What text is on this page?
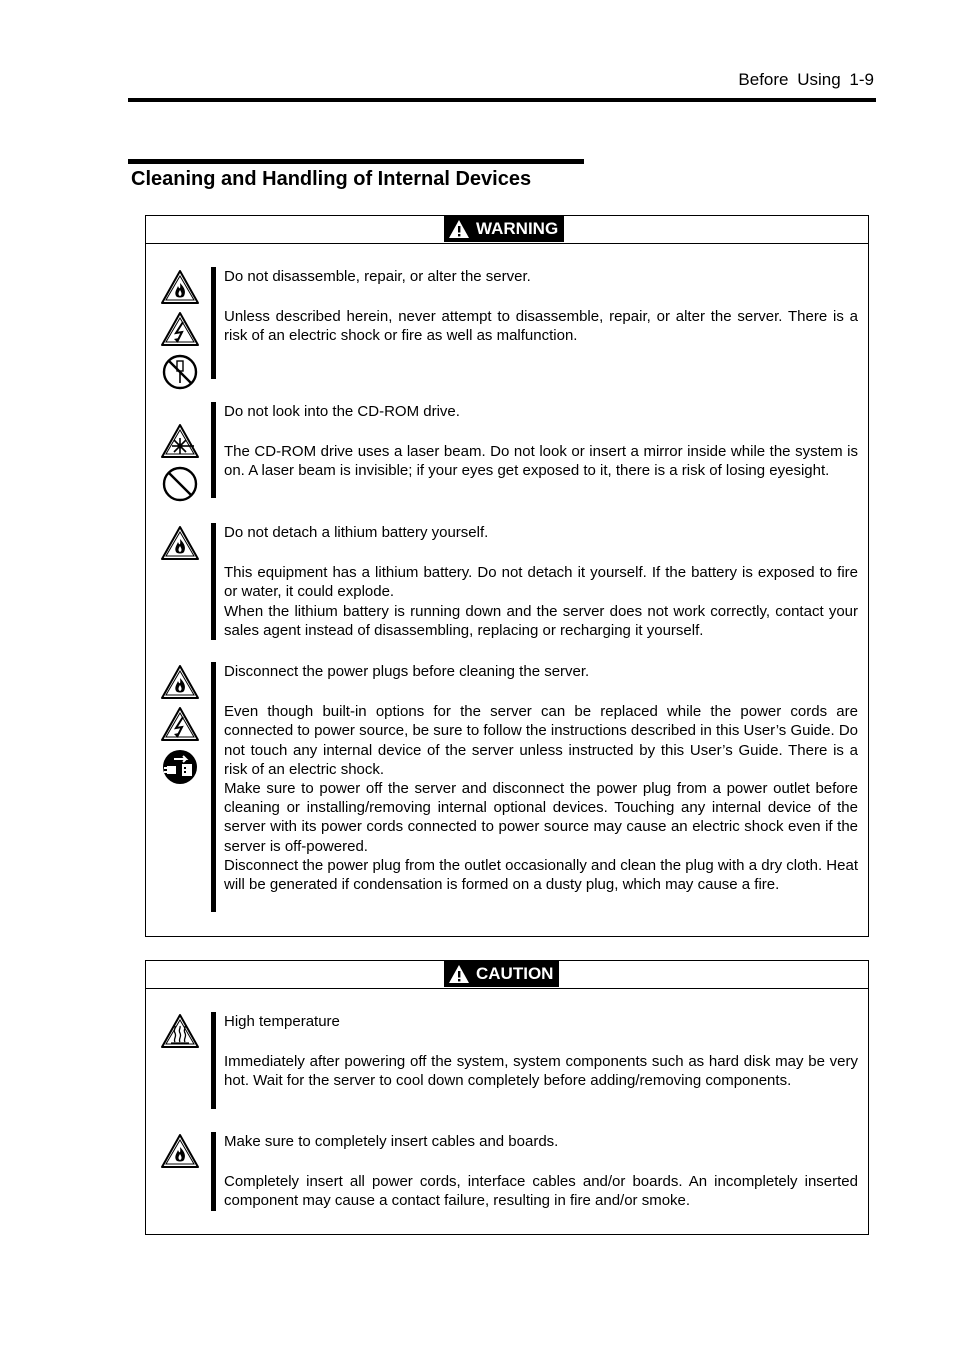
Before Using 1-9
Cleaning and Handling of Internal Devices
WARNING

Do not disassemble, repair, or alter the server.

Unless described herein, never attempt to disassemble, repair, or alter the server. There is a risk of an electric shock or fire as well as malfunction.

Do not look into the CD-ROM drive.

The CD-ROM drive uses a laser beam. Do not look or insert a mirror inside while the system is on. A laser beam is invisible; if your eyes get exposed to it, there is a risk of losing eyesight.

Do not detach a lithium battery yourself.

This equipment has a lithium battery. Do not detach it yourself. If the battery is exposed to fire or water, it could explode.

When the lithium battery is running down and the server does not work correctly, contact your sales agent instead of disassembling, replacing or recharging it yourself.

Disconnect the power plugs before cleaning the server.

Even though built-in options for the server can be replaced while the power cords are connected to power source, be sure to follow the instructions described in this User’s Guide. Do not touch any internal device of the server unless instructed by this User’s Guide. There is a risk of an electric shock.

Make sure to power off the server and disconnect the power plug from a power outlet before cleaning or installing/removing internal optional devices. Touching any internal device of the server with its power cords connected to power source may cause an electric shock even if the server is off-powered.

Disconnect the power plug from the outlet occasionally and clean the plug with a dry cloth. Heat will be generated if condensation is formed on a dusty plug, which may cause a fire.

CAUTION

High temperature

Immediately after powering off the system, system components such as hard disk may be very hot. Wait for the server to cool down completely before adding/removing components.

Make sure to completely insert cables and boards.

Completely insert all power cords, interface cables and/or boards. An incompletely inserted component may cause a contact failure, resulting in fire and/or smoke.
